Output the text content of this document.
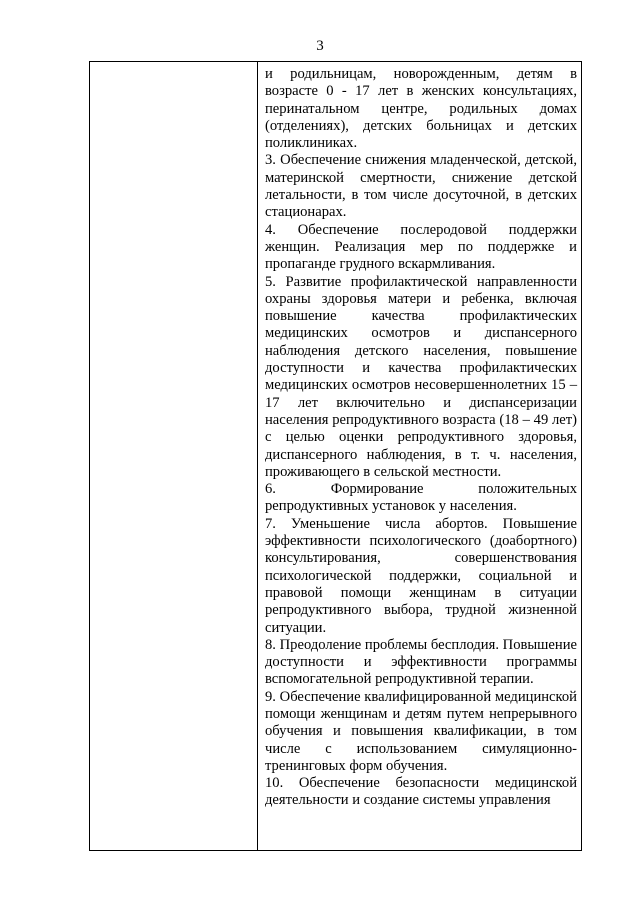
3

и родильницам, новорожденным, детям в возрасте 0 - 17 лет в женских консультациях, перинатальном центре, родильных домах (отделениях), детских больницах и детских поликлиниках.

3. Обеспечение снижения младенческой, детской, материнской смертности, снижение детской летальности, в том числе досуточной, в детских стационарах.

4. Обеспечение послеродовой поддержки женщин. Реализация мер по поддержке и пропаганде грудного вскармливания.

5. Развитие профилактической направленности охраны здоровья матери и ребенка, включая повышение качества профилактических медицинских осмотров и диспансерного наблюдения детского населения, повышение доступности и качества профилактических медицинских осмотров несовершеннолетних 15 – 17 лет включительно и диспансеризации населения репродуктивного возраста (18 – 49 лет) с целью оценки репродуктивного здоровья, диспансерного наблюдения, в т. ч. населения, проживающего в сельской местности.

6. Формирование положительных репродуктивных установок у населения.

7. Уменьшение числа абортов. Повышение эффективности психологического (доабортного) консультирования, совершенствования психологической поддержки, социальной и правовой помощи женщинам в ситуации репродуктивного выбора, трудной жизненной ситуации.

8. Преодоление проблемы бесплодия. Повышение доступности и эффективности программы вспомогательной репродуктивной терапии.

9. Обеспечение квалифицированной медицинской помощи женщинам и детям путем непрерывного обучения и повышения квалификации, в том числе с использованием симуляционно-тренинговых форм обучения.

10. Обеспечение безопасности медицинской деятельности и создание системы управления
